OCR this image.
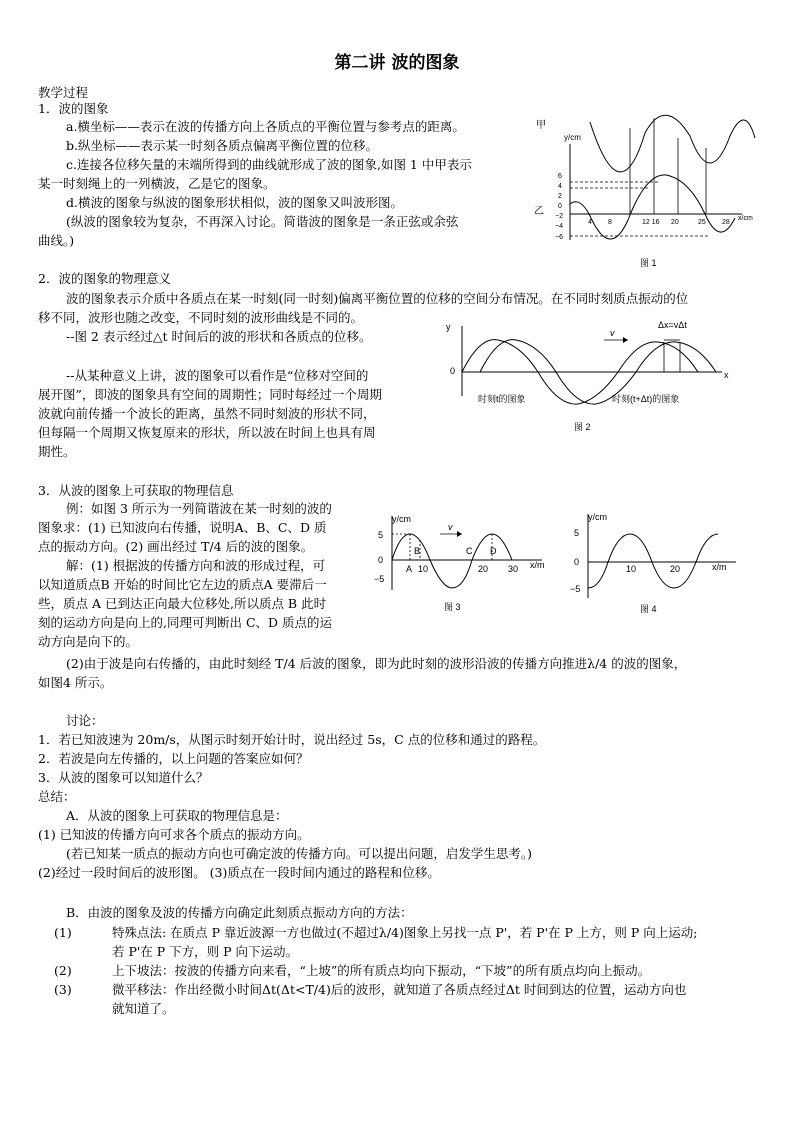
第二讲 波的图象
教学过程
1．波的图象
a.横坐标——表示在波的传播方向上各质点的平衡位置与参考点的距离。
b.纵坐标——表示某一时刻各质点偏离平衡位置的位移。
c.连接各位移矢量的末端所得到的曲线就形成了波的图象,如图 1 中甲表示
某一时刻绳上的一列横波，乙是它的图象。
d.横波的图象与纵波的图象形状相似，波的图象又叫波形图。
(纵波的图象较为复杂，不再深入讨论。简谐波的图象是一条正弦或余弦
曲线。)
甲
y/cm
乙
6
4
2
0
−2
−4
−6
4 8	12 16 20	25 28
x/cm
图 1
2．波的图象的物理意义
波的图象表示介质中各质点在某一时刻(同一时刻)偏离平衡位置的位移的空间分布情况。在不同时刻质点振动的位
移不同，波形也随之改变，不同时刻的波形曲线是不同的。
--图 2 表示经过△t 时间后的波的形状和各质点的位移。
--从某种意义上讲，波的图象可以看作是“位移对空间的
展开图”，即波的图象具有空间的周期性；同时每经过一个周期
波就向前传播一个波长的距离，虽然不同时刻波的形状不同，
但每隔一个周期又恢复原来的形状，所以波在时间上也具有周
期性。
y
x
0
v
Δx=vΔt
时刻t的图象	时刻(t+Δt)的图象
图 2
3．从波的图象上可获取的物理信息
例：如图 3 所示为一列简谐波在某一时刻的波的
图象求：(1) 已知波向右传播，说明A、B、C、D 质
点的振动方向。(2) 画出经过 T/4 后的波的图象。
解：(1) 根据波的传播方向和波的形成过程，可
以知道质点B 开始的时间比它左边的质点A 要滞后一
些，质点 A 已到达正向最大位移处,所以质点 B 此时
刻的运动方向是向上的,同理可判断出 C、D 质点的运
动方向是向下的。
(2)由于波是向右传播的，由此时刻经 T/4 后波的图象，即为此时刻的波形沿波的传播方向推进λ/4 的波的图象，
如图4 所示。
y/cm
x/m
5
0
−5
v
A
B	C D
10	20 30
图 3
y/cm
x/m
5
0
−5
10	20
图 4
讨论：
1．若已知波速为 20m/s，从图示时刻开始计时，说出经过 5s，C 点的位移和通过的路程。
2．若波是向左传播的，以上问题的答案应如何？
3．从波的图象可以知道什么？
总结：
A．从波的图象上可获取的物理信息是：
(1) 已知波的传播方向可求各个质点的振动方向。
(若已知某一质点的振动方向也可确定波的传播方向。可以提出问题，启发学生思考。)
(2)经过一段时间后的波形图。 (3)质点在一段时间内通过的路程和位移。
B．由波的图象及波的传播方向确定此刻质点振动方向的方法：
(1)	特殊点法: 在质点 P 靠近波源一方也做过(不超过λ/4)图象上另找一点 P'，若 P'在 P 上方，则 P 向上运动;
若 P'在 P 下方，则 P 向下运动。
(2)	上下坡法：按波的传播方向来看，“上坡”的所有质点均向下振动，“下坡”的所有质点均向上振动。
(3)	微平移法：作出经微小时间Δt(Δt<T/4)后的波形，就知道了各质点经过Δt 时间到达的位置，运动方向也
就知道了。
